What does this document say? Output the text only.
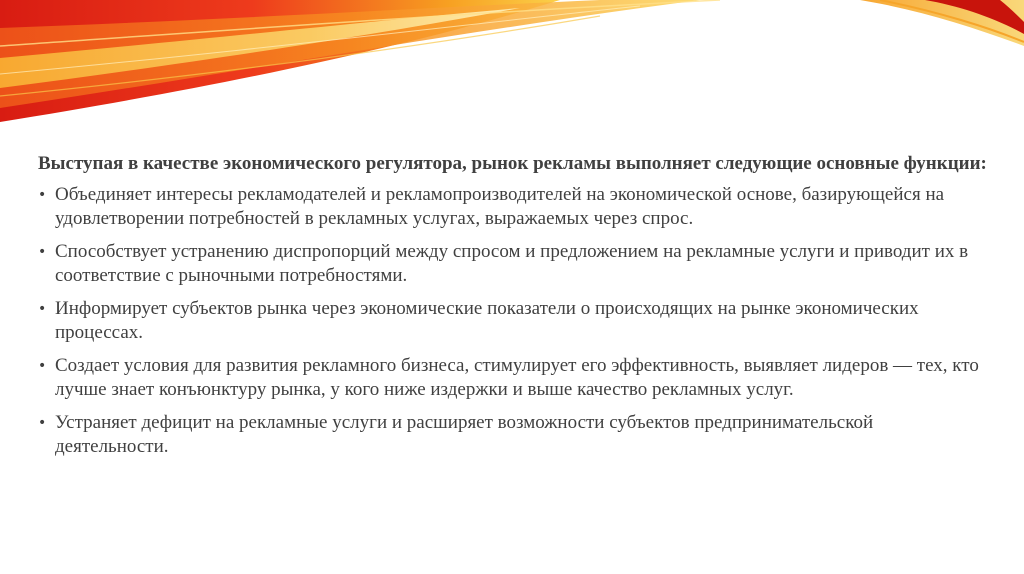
Выступая в качестве экономического регулятора, рынок рекламы выполняет следующие основные функции:

• Объединяет интересы рекламодателей и рекламопроизводителей на экономической основе, базирующейся на удовлетворении потребностей в рекламных услугах, выражаемых через спрос.
• Способствует устранению диспропорций между спросом и предложением на рекламные услуги и приводит их в соответствие с рыночными потребностями.
• Информирует субъектов рынка через экономические показатели о происходящих на рынке экономических процессах.
• Создает условия для развития рекламного бизнеса, стимулирует его эффективность, выявляет лидеров — тех, кто лучше знает конъюнктуру рынка, у кого ниже издержки и выше качество рекламных услуг.
• Устраняет дефицит на рекламные услуги и расширяет возможности субъектов предпринимательской деятельности.
